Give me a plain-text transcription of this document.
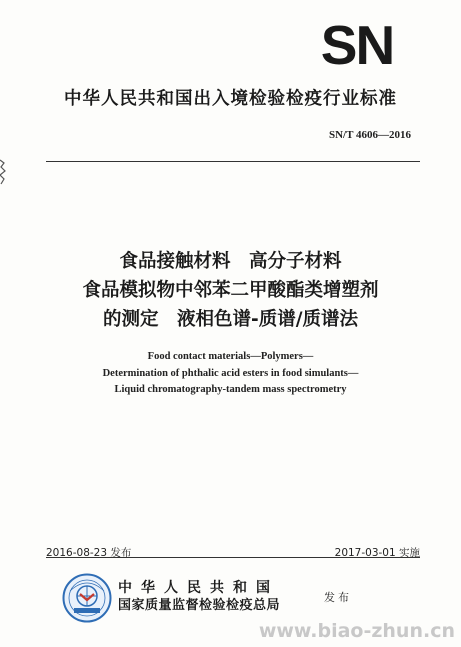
SN
中华人民共和国出入境检验检疫行业标准
SN/T 4606—2016
食品接触材料　高分子材料
食品模拟物中邻苯二甲酸酯类增塑剂
的测定　液相色谱-质谱/质谱法
Food contact materials—Polymers—
Determination of phthalic acid esters in food simulants—
Liquid chromatography-tandem mass spectrometry
2016-08-23 发布	2017-03-01 实施
中华人民共和国
国家质量监督检验检疫总局
发布
www.biao-zhun.cn
